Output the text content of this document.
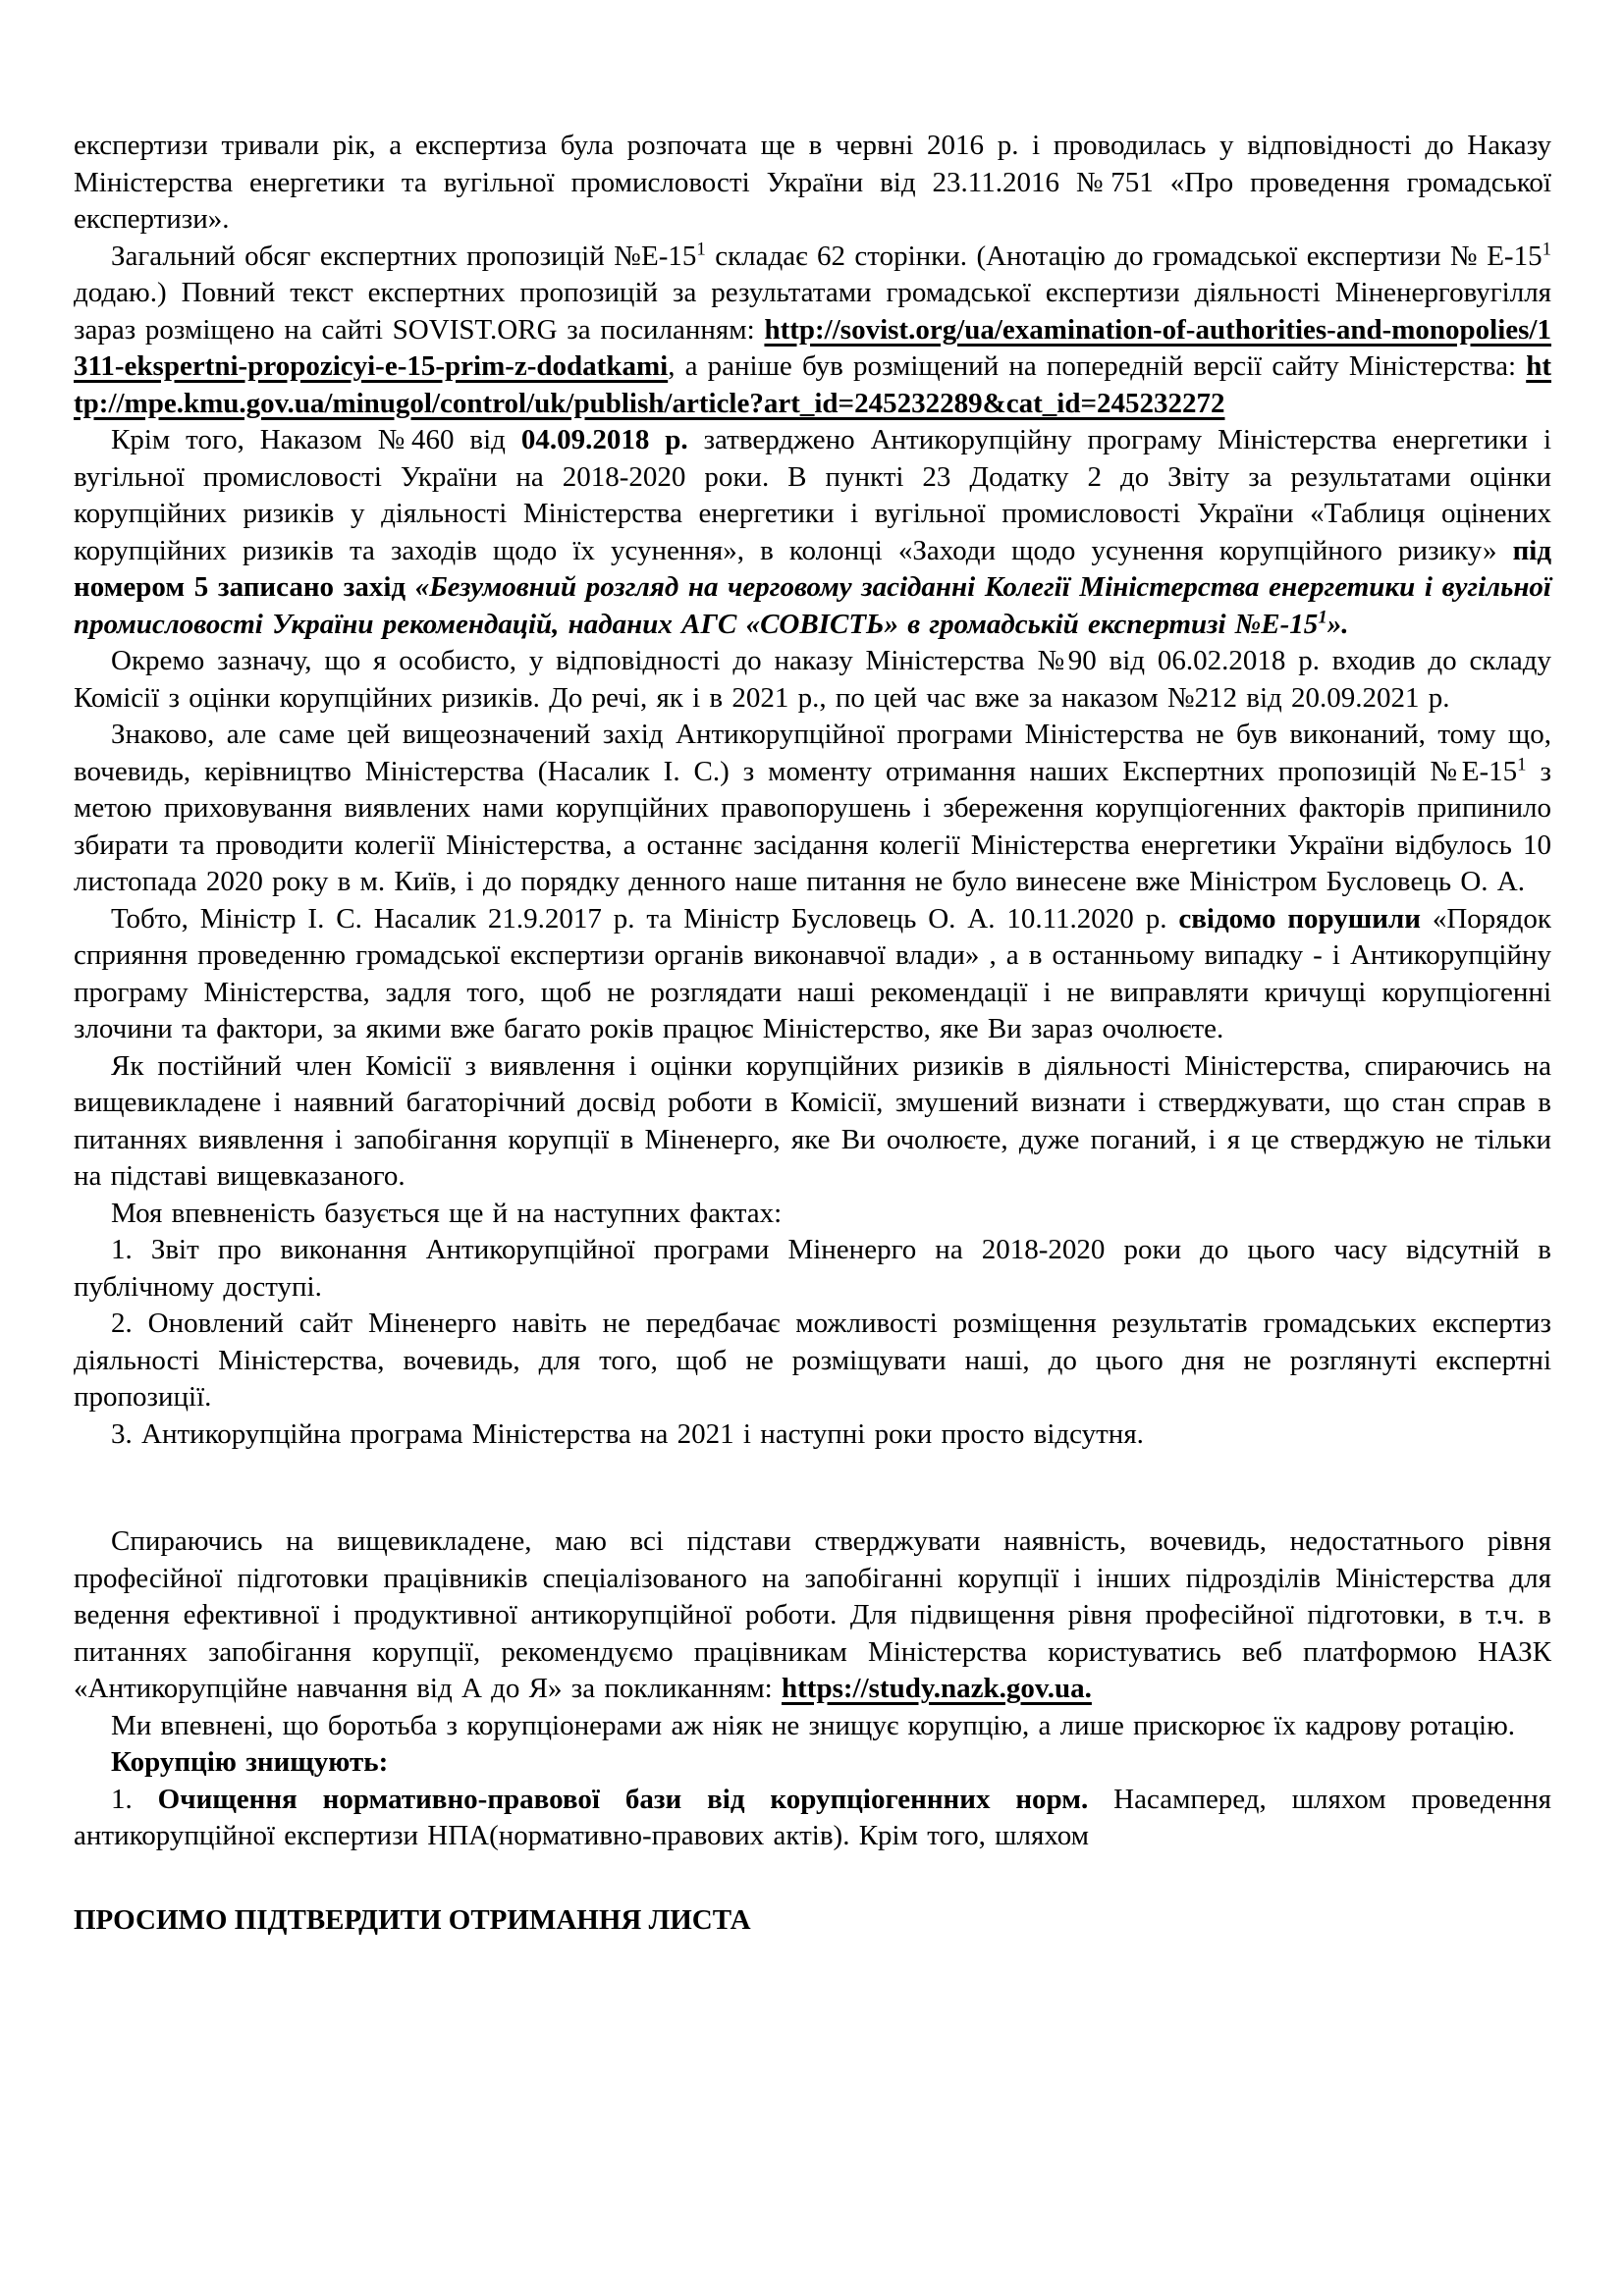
експертизи тривали рік, а експертиза була розпочата ще в червні 2016 р. і проводилась у відповідності до Наказу Міністерства енергетики та вугільної промисловості України від 23.11.2016 №751 «Про проведення громадської експертизи».

Загальний обсяг експертних пропозицій $№Е-15^1$ складає 62 сторінки. (Анотацію до громадської експертизи № $Е-15^1$ додаю.) Повний текст експертних пропозицій за результатами громадської експертизи діяльності Міненерговугілля зараз розміщено на сайті SOVIST.ORG за посиланням: http://sovist.org/ua/examination-of-authorities-and-monopolies/1311-ekspertni-propozicyi-e-15-prim-z-dodatkami, а раніше був розміщений на попередній версії сайту Міністерства: http://mpe.kmu.gov.ua/minugol/control/uk/publish/article?art_id=245232289&cat_id=245232272

Крім того, Наказом №460 від 04.09.2018 р. затверджено Антикорупційну програму Міністерства енергетики і вугільної промисловості України на 2018-2020 роки. В пункті 23 Додатку 2 до Звіту за результатами оцінки корупційних ризиків у діяльності Міністерства енергетики і вугільної промисловості України «Таблиця оцінених корупційних ризиків та заходів щодо їх усунення», в колонці «Заходи щодо усунення корупційного ризику» під номером 5 записано захід «Безумовний розгляд на черговому засіданні Колегії Міністерства енергетики і вугільної промисловості України рекомендацій, наданих АГС «СОВІСТЬ» в громадській експертизі $№Е-15^1$».

Окремо зазначу, що я особисто, у відповідності до наказу Міністерства №90 від 06.02.2018 р. входив до складу Комісії з оцінки корупційних ризиків. До речі, як і в 2021 р., по цей час вже за наказом №212 від 20.09.2021 р.

Знаково, але саме цей вищеозначений захід Антикорупційної програми Міністерства не був виконаний, тому що, вочевидь, керівництво Міністерства (Насалик І. С.) з моменту отримання наших Експертних пропозицій $№Е-15^1$ з метою приховування виявлених нами корупційних правопорушень і збереження корупціогенних факторів припинило збирати та проводити колегії Міністерства, а останнє засідання колегії Міністерства енергетики України відбулось 10 листопада 2020 року в м. Київ, і до порядку денного наше питання не було винесене вже Міністром Бусловець О. А.

Тобто, Міністр І. С. Насалик 21.9.2017 р. та Міністр Бусловець О. А. 10.11.2020 р. свідомо порушили «Порядок сприяння проведенню громадської експертизи органів виконавчої влади» , а в останньому випадку - і Антикорупційну програму Міністерства, задля того, щоб не розглядати наші рекомендації і не виправляти кричущі корупціогенні злочини та фактори, за якими вже багато років працює Міністерство, яке Ви зараз очолюєте.

Як постійний член Комісії з виявлення і оцінки корупційних ризиків в діяльності Міністерства, спираючись на вищевикладене і наявний багаторічний досвід роботи в Комісії, змушений визнати і стверджувати, що стан справ в питаннях виявлення і запобігання корупції в Міненерго, яке Ви очолюєте, дуже поганий, і я це стверджую не тільки на підставі вищевказаного.

Моя впевненість базується ще й на наступних фактах:

1. Звіт про виконання Антикорупційної програми Міненерго на 2018-2020 роки до цього часу відсутній в публічному доступі.

2. Оновлений сайт Міненерго навіть не передбачає можливості розміщення результатів громадських експертиз діяльності Міністерства, вочевидь, для того, щоб не розміщувати наші, до цього дня не розглянуті експертні пропозиції.

3. Антикорупційна програма Міністерства на 2021 і наступні роки просто відсутня.

Спираючись на вищевикладене, маю всі підстави стверджувати наявність, вочевидь, недостатнього рівня професійної підготовки працівників спеціалізованого на запобіганні корупції і інших підрозділів Міністерства для ведення ефективної і продуктивної антикорупційної роботи. Для підвищення рівня професійної підготовки, в т.ч. в питаннях запобігання корупції, рекомендуємо працівникам Міністерства користуватись веб платформою НАЗК «Антикорупційне навчання від А до Я» за покликанням: https://study.nazk.gov.ua.

Ми впевнені, що боротьба з корупціонерами аж ніяк не знищує корупцію, а лише прискорює їх кадрову ротацію.

Корупцію знищують:

1. Очищення нормативно-правової бази від корупціогеннних норм. Насамперед, шляхом проведення антикорупційної експертизи НПА(нормативно-правових актів). Крім того, шляхом

ПРОСИМО ПІДТВЕРДИТИ ОТРИМАННЯ ЛИСТА
